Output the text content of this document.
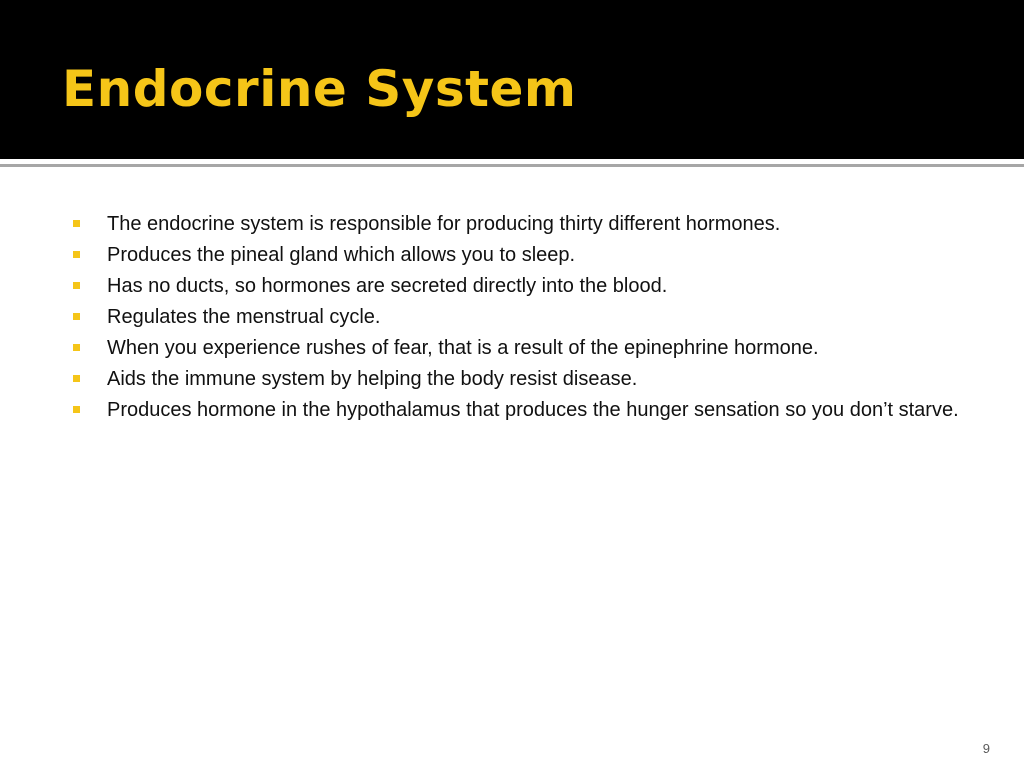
Endocrine System
The endocrine system is responsible for producing thirty different hormones.
Produces the pineal gland which allows you to sleep.
Has no ducts, so hormones are secreted directly into the blood.
Regulates the menstrual cycle.
When you experience rushes of fear, that is a result of the epinephrine hormone.
Aids the immune system by helping the body resist disease.
Produces hormone in the hypothalamus that produces the hunger sensation so you don’t starve.
9
